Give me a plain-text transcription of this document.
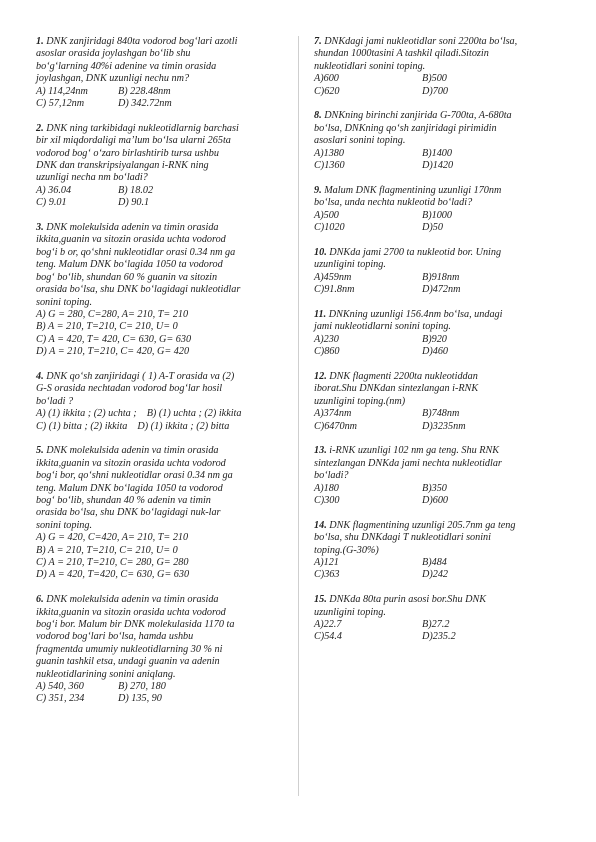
1. DNK zanjiridagi 840ta vodorod bog‘lari azotli
asoslar orasida joylashgan bo‘lib shu
bo‘g‘larning 40%i adenine va timin orasida
joylashgan, DNK uzunligi nechu nm?
A) 114,24nm	B) 228.48nm
C) 57,12nm	D) 342.72nm
2. DNK ning tarkibidagi nukleotidlarnig barchasi
bir xil miqdordaligi ma’lum bo‘lsa ularni 265ta
vodorod bog‘ o‘zaro birlashtirib tursa ushbu
DNK dan transkripsiyalangan i-RNK ning
uzunligi necha nm bo‘ladi?
A) 36.04	B) 18.02
C) 9.01	D) 90.1
3. DNK molekulsida adenin va timin orasida
ikkita,guanin va sitozin orasida uchta vodorod
bog‘i b or, qo‘shni nukleotidlar orasi 0.34 nm ga
teng. Malum DNK bo‘lagida 1050 ta vodorod
bog‘ bo‘lib, shundan 60 % guanin va sitozin
orasida bo‘lsa, shu DNK bo‘lagidagi nukleotidlar
sonini toping.
A) G = 280, C=280, A= 210, T= 210
B) A = 210, T=210, C= 210, U= 0
C) A = 420, T= 420, C= 630, G= 630
D) A = 210, T=210, C= 420, G= 420
4. DNK qo‘sh zanjiridagi ( 1) A-T orasida va (2)
G-S orasida nechtadan vodorod bog‘lar hosil
bo‘ladi ?
A) (1) ikkita ; (2) uchta ; B) (1) uchta ; (2) ikkita
C) (1) bitta ; (2) ikkita D) (1) ikkita ; (2) bitta
5. DNK molekulsida adenin va timin orasida
ikkita,guanin va sitozin orasida uchta vodorod
bog‘i bor, qo‘shni nukleotidlar orasi 0.34 nm ga
teng. Malum DNK bo‘lagida 1050 ta vodorod
bog‘ bo‘lib, shundan 40 % adenin va timin
orasida bo‘lsa, shu DNK bo‘lagidagi nuk-lar
sonini toping.
A) G = 420, C=420, A= 210, T= 210
B) A = 210, T=210, C= 210, U= 0
C) A = 210, T=210, C= 280, G= 280
D) A = 420, T=420, C= 630, G= 630
6. DNK molekulsida adenin va timin orasida
ikkita,guanin va sitozin orasida uchta vodorod
bog‘i bor. Malum bir DNK molekulasida 1170 ta
vodorod bog‘lari bo‘lsa, hamda ushbu
fragmentda umumiy nukleotidlarning 30 % ni
guanin tashkil etsa, undagi guanin va adenin
nukleotidlarining sonini aniqlang.
A) 540, 360	B) 270, 180
C) 351, 234	D) 135, 90
7. DNKdagi jami nukleotidlar soni 2200ta bo‘lsa,
shundan 1000tasini A tashkil qiladi.Sitozin
nukleotidlari sonini toping.
A)600	B)500
C)620	D)700
8. DNKning birinchi zanjirida G-700ta, A-680ta
bo‘lsa, DNKning qo‘sh zanjiridagi pirimidin
asoslari sonini toping.
A)1380	B)1400
C)1360	D)1420
9. Malum DNK flagmentining uzunligi 170nm
bo‘lsa, unda nechta nukleotid bo‘ladi?
A)500	B)1000
C)1020	D)50
10. DNKda jami 2700 ta nukleotid bor. Uning
uzunligini toping.
A)459nm	B)918nm
C)91.8nm	D)472nm
11. DNKning uzunligi 156.4nm bo‘lsa, undagi
jami nukleotidlarni sonini toping.
A)230	B)920
C)860	D)460
12. DNK flagmenti 2200ta nukleotiddan
iborat.Shu DNKdan sintezlangan i-RNK
uzunligini toping.(nm)
A)374nm	B)748nm
C)6470nm	D)3235nm
13. i-RNK uzunligi 102 nm ga teng. Shu RNK
sintezlangan DNKda jami nechta nukleotidlar
bo‘ladi?
A)180	B)350
C)300	D)600
14. DNK flagmentining uzunligi 205.7nm ga teng
bo‘lsa, shu DNKdagi T nukleotidlari sonini
toping.(G-30%)
A)121	B)484
C)363	D)242
15. DNKda 80ta purin asosi bor.Shu DNK
uzunligini toping.
A)22.7	B)27.2
C)54.4	D)235.2
